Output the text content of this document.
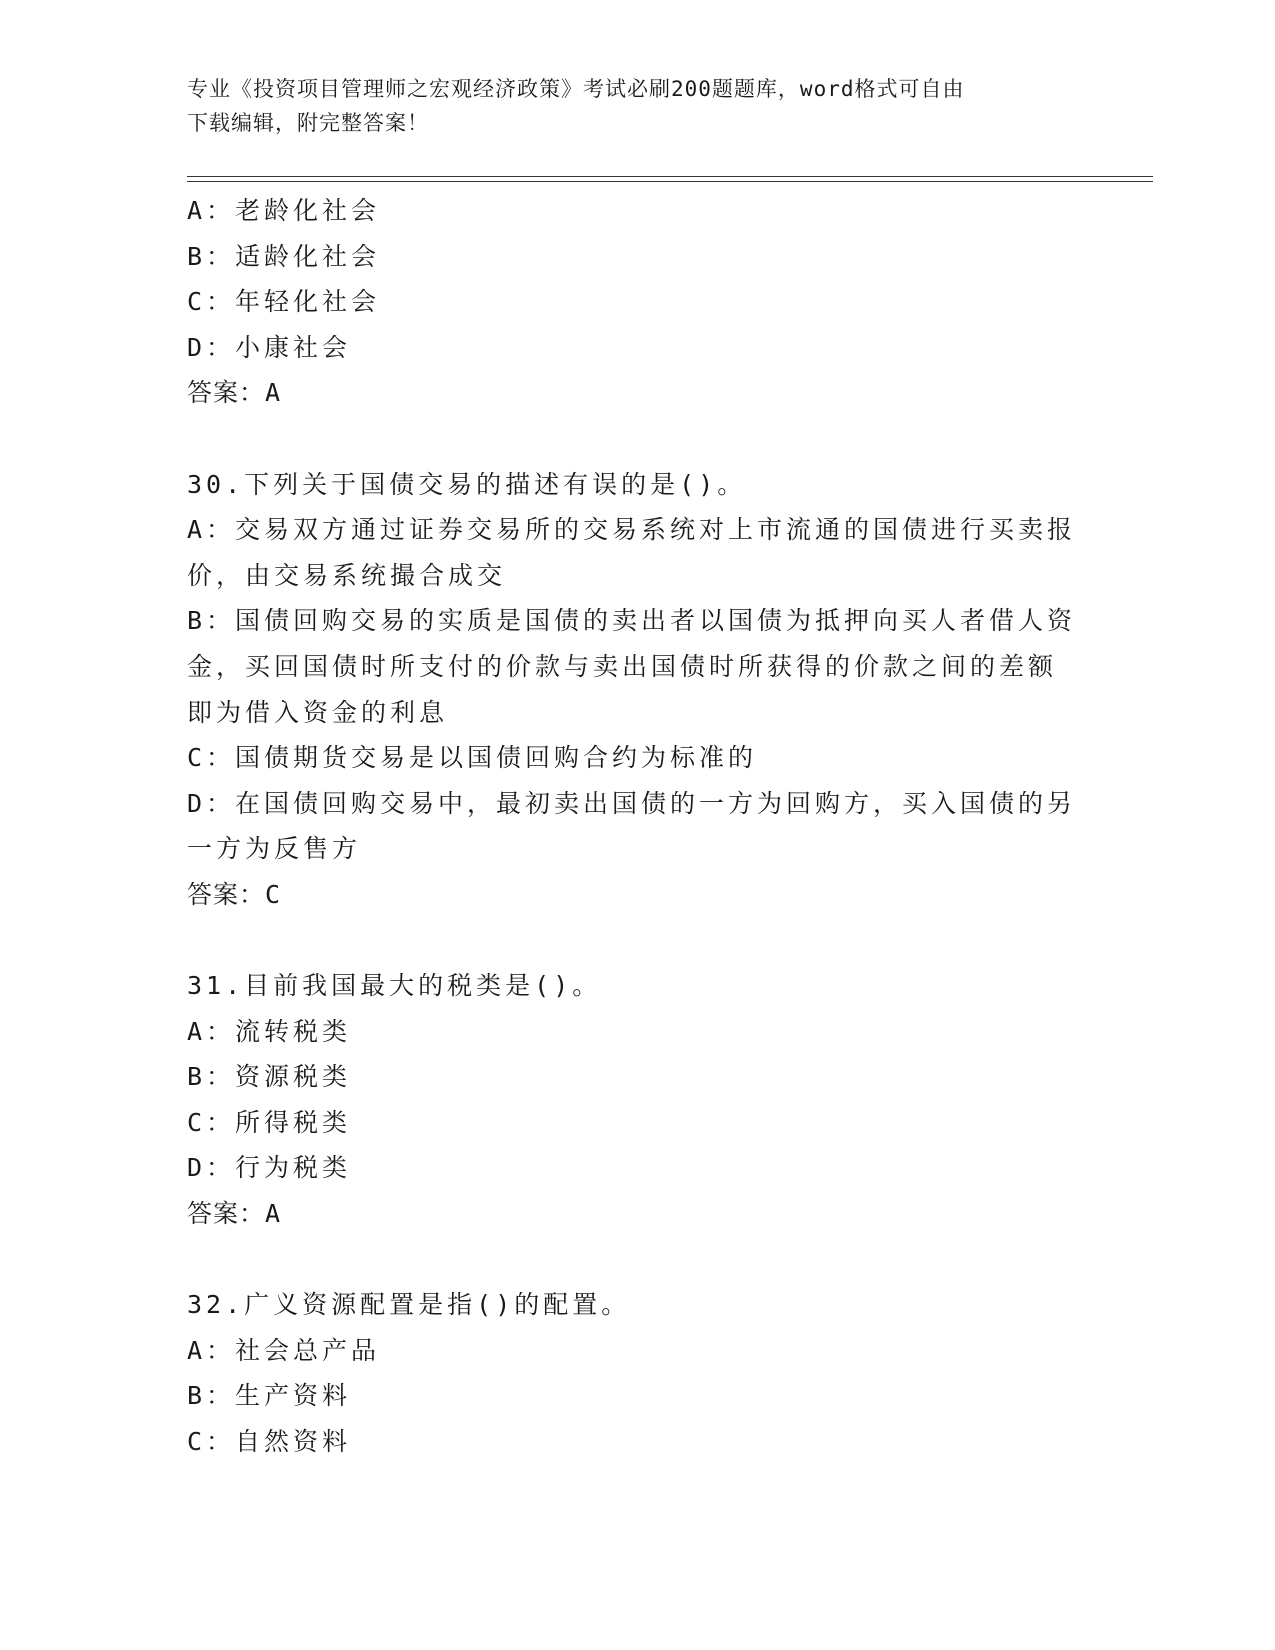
专业《投资项目管理师之宏观经济政策》考试必刷200题题库，word格式可自由
下载编辑，附完整答案！
A：老龄化社会
B：适龄化社会
C：年轻化社会
D：小康社会
答案：A
30.下列关于国债交易的描述有误的是()。
A：交易双方通过证券交易所的交易系统对上市流通的国债进行买卖报
价，由交易系统撮合成交
B：国债回购交易的实质是国债的卖出者以国债为抵押向买人者借人资
金，买回国债时所支付的价款与卖出国债时所获得的价款之间的差额
即为借入资金的利息
C：国债期货交易是以国债回购合约为标准的
D：在国债回购交易中，最初卖出国债的一方为回购方，买入国债的另
一方为反售方
答案：C
31.目前我国最大的税类是()。
A：流转税类
B：资源税类
C：所得税类
D：行为税类
答案：A
32.广义资源配置是指()的配置。
A：社会总产品
B：生产资料
C：自然资料
